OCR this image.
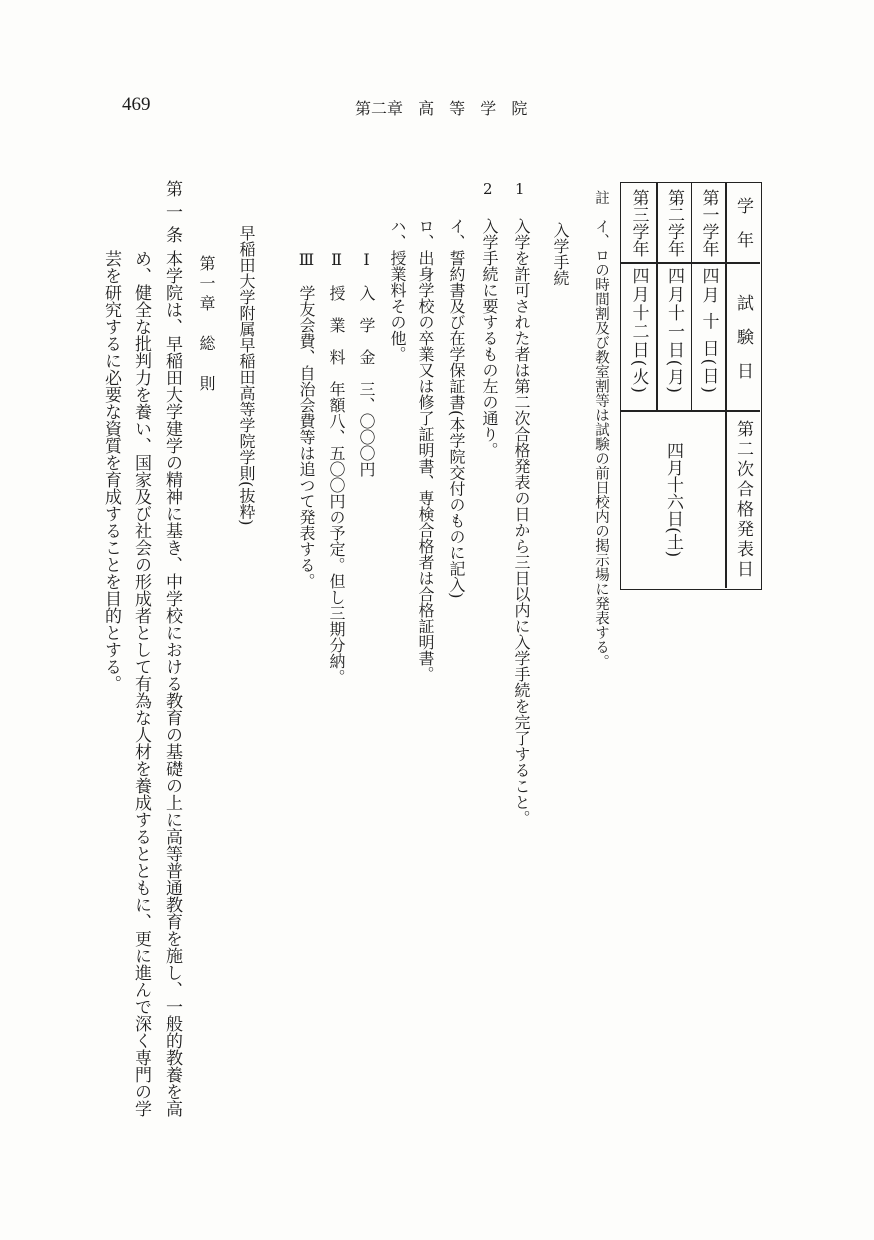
469	第二章 高 等 学 院
学　年
試　験　日
第二次合格発表日
第一学年
四月 十 日(日)
第二学年
四月十一日(月)
第三学年
四月十二日(火)
四月十六日(土)
註イ、ロの時間割及び教室割等は試験の前日校内の掲示場に発表する。
入学手続
1
入学を許可された者は第二次合格発表の日から三日以内に入学手続を完了すること。
2
入学手続に要するもの左の通り。
イ、誓約書及び在学保証書(本学院交付のものに記入)
ロ、出身学校の卒業又は修了証明書、専検合格者は合格証明書。
ハ、授業料その他。
Ⅰ入　学　金三、〇〇〇円
Ⅱ授　業　料年額八、五〇〇円の予定。但し三期分納。
Ⅲ学友会費、自治会費等は追つて発表する。
早稲田大学附属早稲田高等学院学則(抜粋)
第一章　総　則
第一条
本学院は、早稲田大学建学の精神に基き、中学校における教育の基礎の上に高等普通教育を施し、一般的教養を高
め、健全な批判力を養い、国家及び社会の形成者として有為な人材を養成するとともに、更に進んで深く専門の学
芸を研究するに必要な資質を育成することを目的とする。
